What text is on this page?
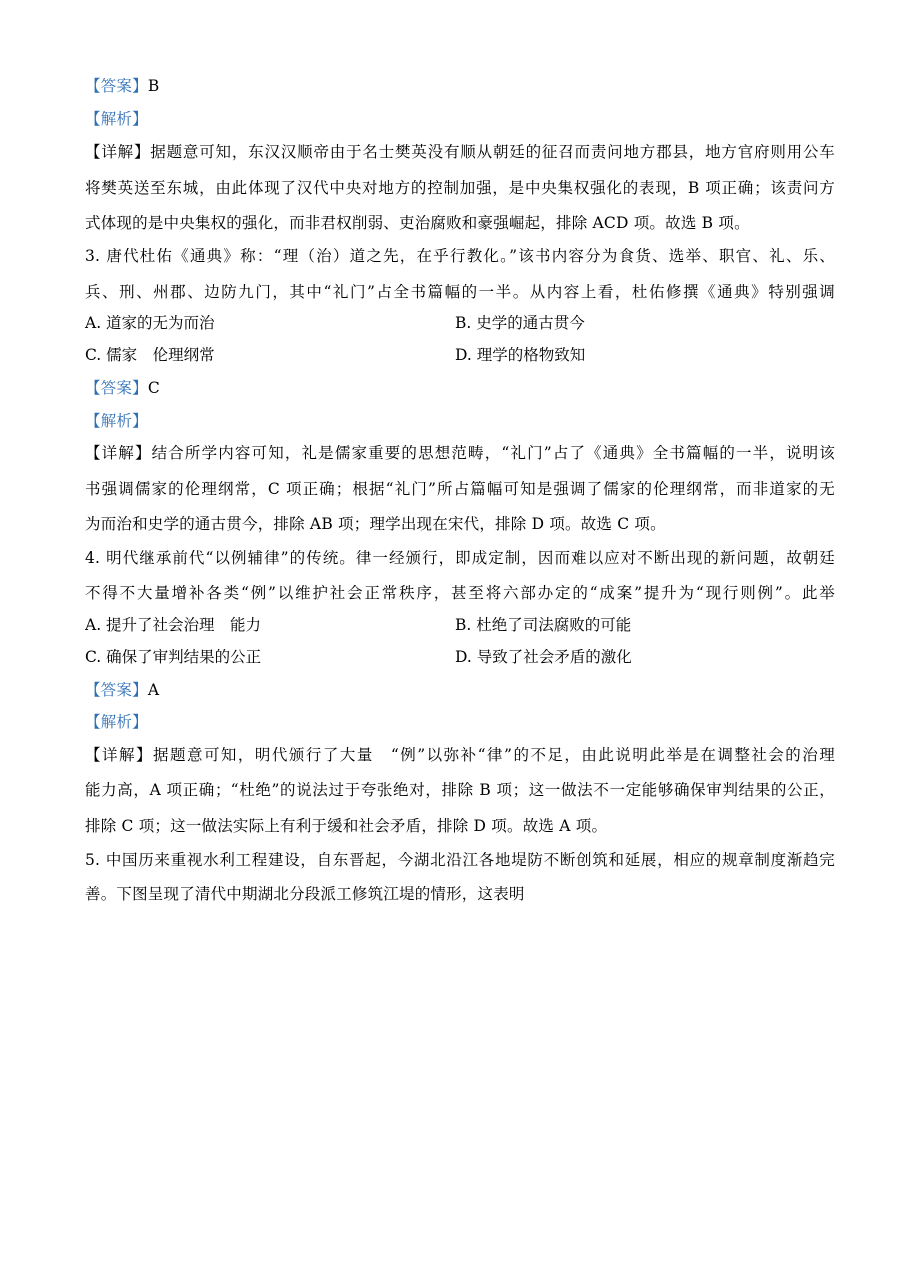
【答案】B
【解析】
【详解】据题意可知，东汉汉顺帝由于名士樊英没有顺从朝廷的征召而责问地方郡县，地方官府则用公车
将樊英送至东城，由此体现了汉代中央对地方的控制加强，是中央集权强化的表现，B 项正确；该责问方
式体现的是中央集权的强化，而非君权削弱、吏治腐败和豪强崛起，排除 ACD 项。故选 B 项。
3. 唐代杜佑《通典》称：“理（治）道之先，在乎行教化。”该书内容分为食货、选举、职官、礼、乐、
兵、刑、州郡、边防九门，其中“礼门”占全书篇幅的一半。从内容上看，杜佑修撰《通典》特别强调
A. 道家的无为而治	B. 史学的通古贯今
C. 儒家　伦理纲常	D. 理学的格物致知
【答案】C
【解析】
【详解】结合所学内容可知，礼是儒家重要的思想范畴，“礼门”占了《通典》全书篇幅的一半，说明该
书强调儒家的伦理纲常，C 项正确；根据“礼门”所占篇幅可知是强调了儒家的伦理纲常，而非道家的无
为而治和史学的通古贯今，排除 AB 项；理学出现在宋代，排除 D 项。故选 C 项。
4. 明代继承前代“以例辅律”的传统。律一经颁行，即成定制，因而难以应对不断出现的新问题，故朝廷
不得不大量增补各类“例”以维护社会正常秩序，甚至将六部办定的“成案”提升为“现行则例”。此举
A. 提升了社会治理　能力	B. 杜绝了司法腐败的可能
C. 确保了审判结果的公正	D. 导致了社会矛盾的激化
【答案】A
【解析】
【详解】据题意可知，明代颁行了大量　“例”以弥补“律”的不足，由此说明此举是在调整社会的治理
能力高，A 项正确；“杜绝”的说法过于夸张绝对，排除 B 项；这一做法不一定能够确保审判结果的公正，
排除 C 项；这一做法实际上有利于缓和社会矛盾，排除 D 项。故选 A 项。
5. 中国历来重视水利工程建设，自东晋起，今湖北沿江各地堤防不断创筑和延展，相应的规章制度渐趋完
善。下图呈现了清代中期湖北分段派工修筑江堤的情形，这表明
